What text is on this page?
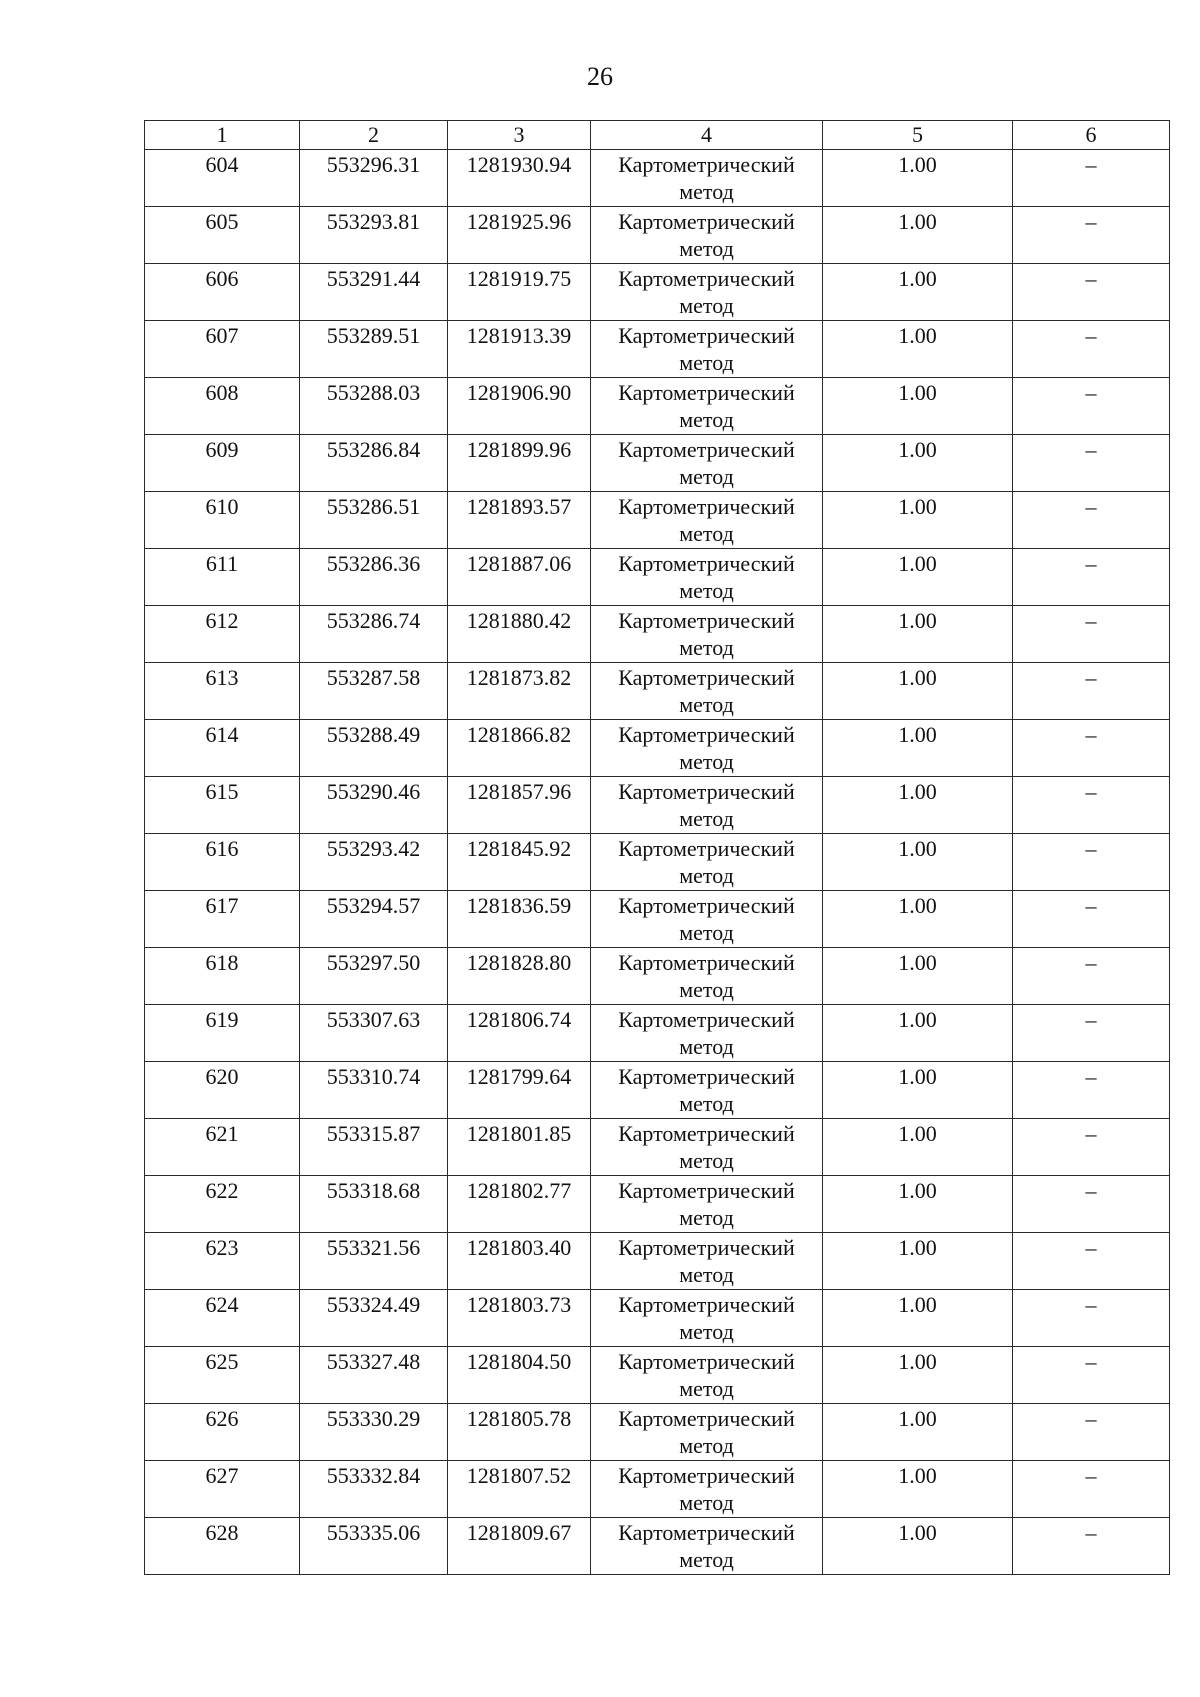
26
1	2	3	4	5	6
604	553296.31	1281930.94	Картометрический метод	1.00	–
605	553293.81	1281925.96	Картометрический метод	1.00	–
606	553291.44	1281919.75	Картометрический метод	1.00	–
607	553289.51	1281913.39	Картометрический метод	1.00	–
608	553288.03	1281906.90	Картометрический метод	1.00	–
609	553286.84	1281899.96	Картометрический метод	1.00	–
610	553286.51	1281893.57	Картометрический метод	1.00	–
611	553286.36	1281887.06	Картометрический метод	1.00	–
612	553286.74	1281880.42	Картометрический метод	1.00	–
613	553287.58	1281873.82	Картометрический метод	1.00	–
614	553288.49	1281866.82	Картометрический метод	1.00	–
615	553290.46	1281857.96	Картометрический метод	1.00	–
616	553293.42	1281845.92	Картометрический метод	1.00	–
617	553294.57	1281836.59	Картометрический метод	1.00	–
618	553297.50	1281828.80	Картометрический метод	1.00	–
619	553307.63	1281806.74	Картометрический метод	1.00	–
620	553310.74	1281799.64	Картометрический метод	1.00	–
621	553315.87	1281801.85	Картометрический метод	1.00	–
622	553318.68	1281802.77	Картометрический метод	1.00	–
623	553321.56	1281803.40	Картометрический метод	1.00	–
624	553324.49	1281803.73	Картометрический метод	1.00	–
625	553327.48	1281804.50	Картометрический метод	1.00	–
626	553330.29	1281805.78	Картометрический метод	1.00	–
627	553332.84	1281807.52	Картометрический метод	1.00	–
628	553335.06	1281809.67	Картометрический метод	1.00	–
